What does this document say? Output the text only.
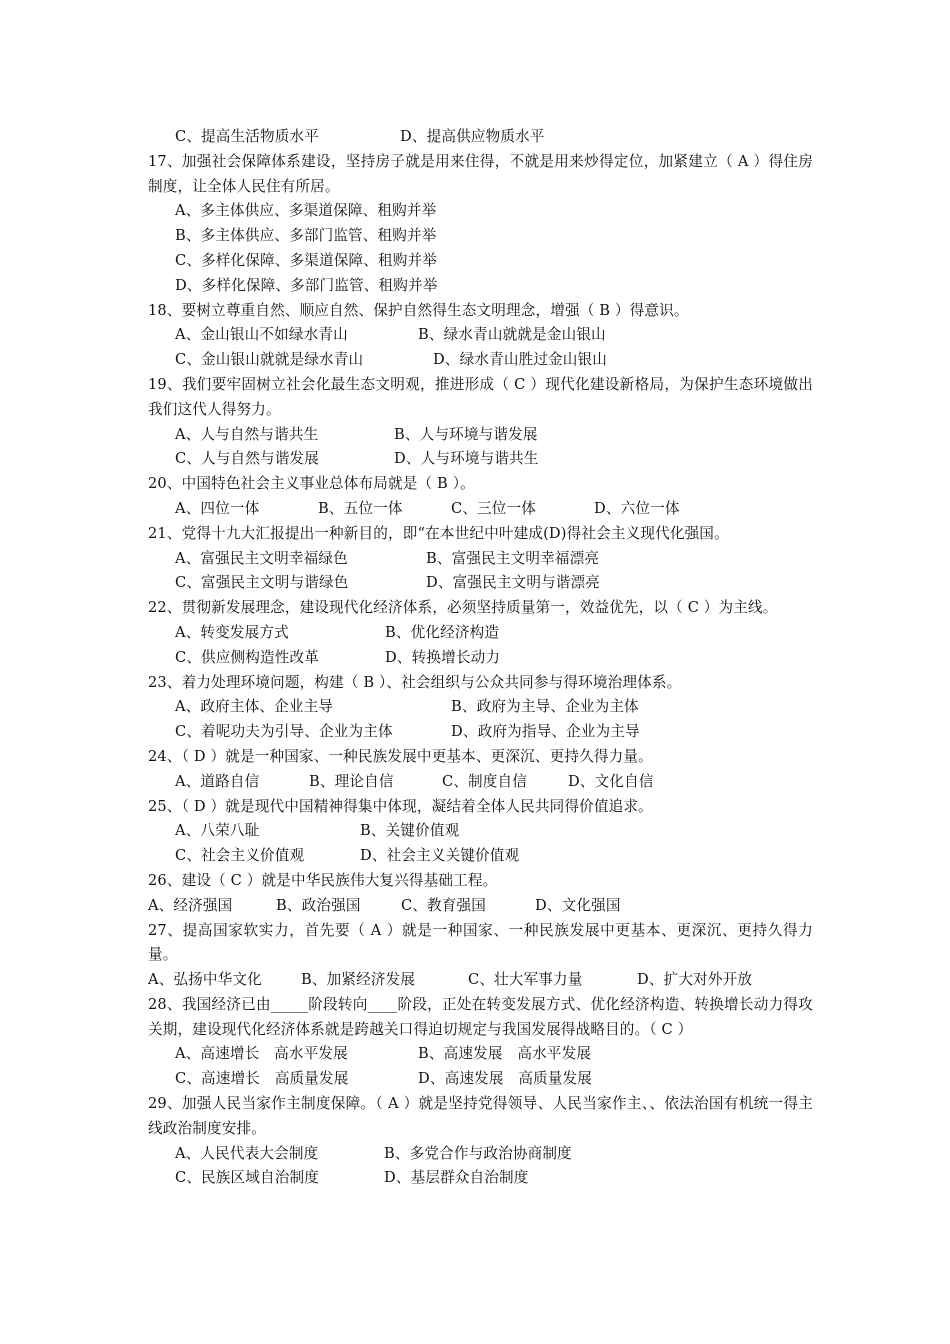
C、提高生活物质水平	D、提高供应物质水平
17、加强社会保障体系建设，坚持房子就是用来住得，不就是用来炒得定位，加紧建立（ A ）得住房制度，让全体人民住有所居。
A、多主体供应、多渠道保障、租购并举
B、多主体供应、多部门监管、租购并举
C、多样化保障、多渠道保障、租购并举
D、多样化保障、多部门监管、租购并举
18、要树立尊重自然、顺应自然、保护自然得生态文明理念，增强（ B ）得意识。
A、金山银山不如绿水青山	B、绿水青山就就是金山银山
C、金山银山就就是绿水青山	D、绿水青山胜过金山银山
19、我们要牢固树立社会化最生态文明观，推进形成（ C ）现代化建设新格局，为保护生态环境做出我们这代人得努力。
A、人与自然与谐共生	B、人与环境与谐发展
C、人与自然与谐发展	D、人与环境与谐共生
20、中国特色社会主义事业总体布局就是（ B ）。
A、四位一体	B、五位一体	C、三位一体	D、六位一体
21、党得十九大汇报提出一种新目的，即“在本世纪中叶建成(D)得社会主义现代化强国。
A、富强民主文明幸福绿色	B、富强民主文明幸福漂亮
C、富强民主文明与谐绿色	D、富强民主文明与谐漂亮
22、贯彻新发展理念，建设现代化经济体系，必须坚持质量第一，效益优先，以（ C ）为主线。
A、转变发展方式	B、优化经济构造
C、供应侧构造性改革	D、转换增长动力
23、着力处理环境问题，构建（ B ）、社会组织与公众共同参与得环境治理体系。
A、政府主体、企业主导	B、政府为主导、企业为主体
C、着呢功夫为引导、企业为主体	D、政府为指导、企业为主导
24、（ D ）就是一种国家、一种民族发展中更基本、更深沉、更持久得力量。
A、道路自信	B、理论自信	C、制度自信	D、文化自信
25、（ D ）就是现代中国精神得集中体现，凝结着全体人民共同得价值追求。
A、八荣八耻	B、关键价值观
C、社会主义价值观	D、社会主义关键价值观
26、建设（ C ）就是中华民族伟大复兴得基础工程。
A、经济强国	B、政治强国	C、教育强国	D、文化强国
27、提高国家软实力，首先要（ A ）就是一种国家、一种民族发展中更基本、更深沉、更持久得力量。
A、弘扬中华文化	B、加紧经济发展	C、壮大军事力量	D、扩大对外开放
28、我国经济已由_____阶段转向____阶段，正处在转变发展方式、优化经济构造、转换增长动力得攻关期，建设现代化经济体系就是跨越关口得迫切规定与我国发展得战略目的。（ C ）
A、高速增长　高水平发展	B、高速发展　高水平发展
C、高速增长　高质量发展	D、高速发展　高质量发展
29、加强人民当家作主制度保障。（ A ）就是坚持党得领导、人民当家作主、、依法治国有机统一得主线政治制度安排。
A、人民代表大会制度	B、多党合作与政治协商制度
C、民族区域自治制度	D、基层群众自治制度
